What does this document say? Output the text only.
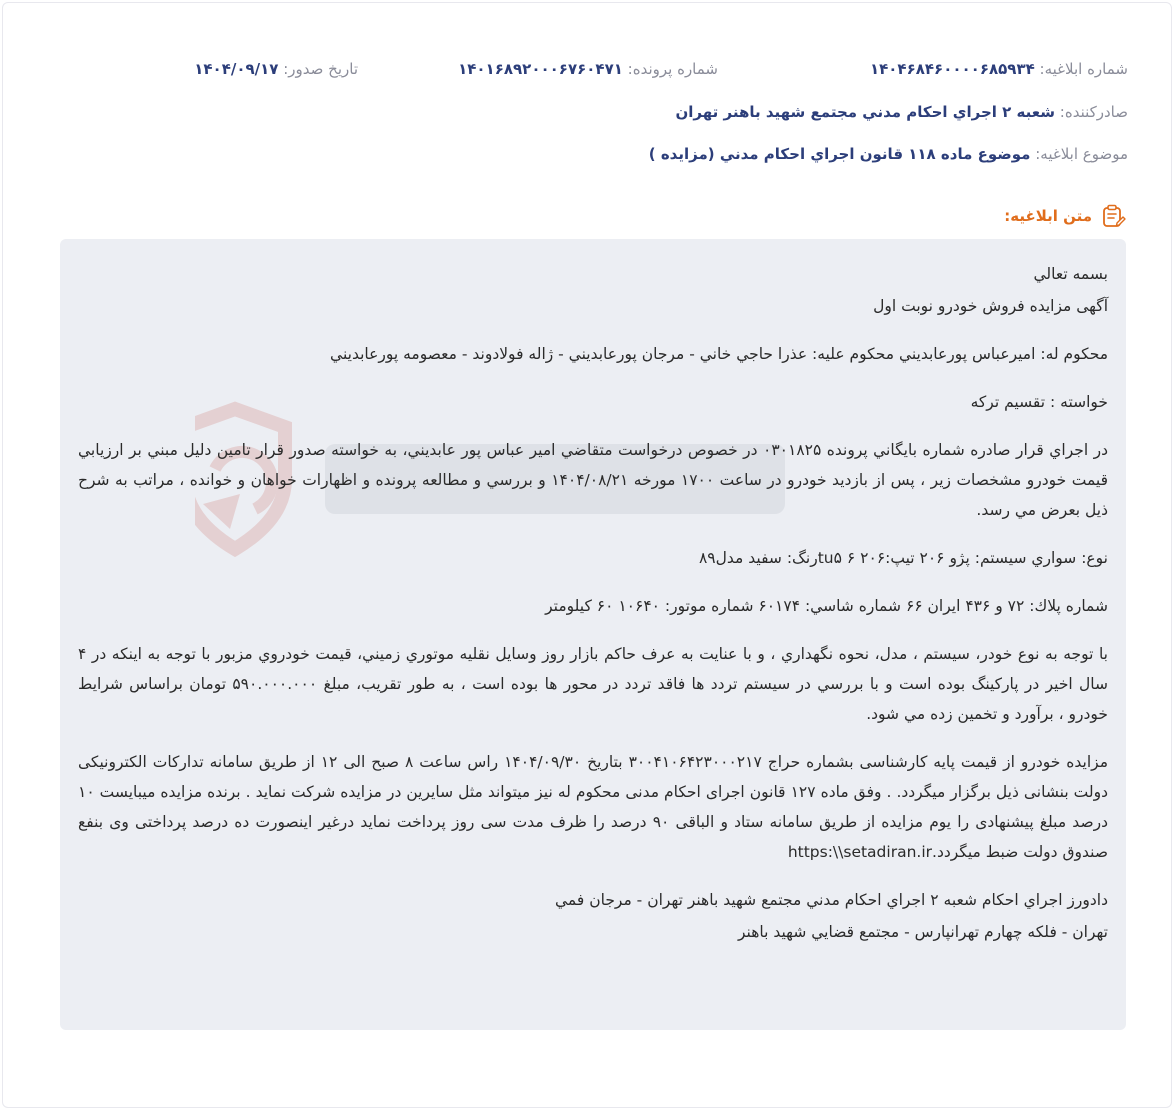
شماره ابلاغیه: ۱۴۰۴۶۸۴۶۰۰۰۰۶۸۵۹۳۴
شماره پرونده: ۱۴۰۱۶۸۹۲۰۰۰۶۷۶۰۴۷۱
تاریخ صدور: ۱۴۰۴/۰۹/۱۷
صادرکننده: شعبه ۲ اجراي احکام مدني مجتمع شهيد باهنر تهران
موضوع ابلاغیه: موضوع ماده ۱۱۸ قانون اجراي احکام مدني (مزايده )
متن ابلاغیه:

بسمه تعالي

آگهی مزایده فروش خودرو نوبت اول

محکوم له: اميرعباس پورعابديني محکوم عليه: عذرا حاجي خاني - مرجان پورعابديني - ژاله فولادوند - معصومه پورعابديني

خواسته : تقسيم ترکه

در اجراي قرار صادره شماره بايگاني پرونده ۰۳۰۱۸۲۵ در خصوص درخواست متقاضي امير عباس پور عابديني، به خواسته صدور قرار تامين دليل مبني بر ارزيابي قيمت خودرو مشخصات زير ، پس از بازديد خودرو در ساعت ۱۷۰۰ مورخه ۱۴۰۴/۰۸/۲۱ و بررسي و مطالعه پرونده و اظهارات خواهان و خوانده ، مراتب به شرح ذيل بعرض مي رسد.

نوع: سواري سيستم: پژو ۲۰۶ تيپ:۲۰۶ ۶ tu۵رنگ: سفيد مدل۸۹

شماره پلاك: ۷۲ و ۴۳۶ ايران ۶۶ شماره شاسي: ۶۰۱۷۴ شماره موتور: ۱۰۶۴۰ ۶۰ کيلومتر

با توجه به نوع خودر، سيستم ، مدل، نحوه نگهداري ، و با عنايت به عرف حاکم بازار روز وسايل نقليه موتوري زميني، قيمت خودروي مزبور با توجه به اينکه در ۴ سال اخير در پارکينگ بوده است و با بررسي در سيستم تردد ها فاقد تردد در محور ها بوده است ، به طور تقريب، مبلغ ۵۹۰.۰۰۰.۰۰۰ تومان براساس شرايط خودرو ، برآورد و تخمين زده مي شود.

مزایده خودرو از قیمت پایه کارشناسی بشماره حراج ۳۰۰۴۱۰۶۴۲۳۰۰۰۲۱۷ بتاریخ ۱۴۰۴/۰۹/۳۰ راس ساعت ۸ صبح الی ۱۲ از طریق سامانه تدارکات الکترونیکی دولت بنشانی ذیل برگزار میگردد. . وفق ماده ۱۲۷ قانون اجرای احکام مدنی محکوم له نیز میتواند مثل سایرین در مزایده شرکت نماید . برنده مزایده میبایست ۱۰ درصد مبلغ پیشنهادی را یوم مزایده از طریق سامانه ستاد و الباقی ۹۰ درصد را ظرف مدت سی روز پرداخت نماید درغیر اینصورت ده درصد پرداختی وی بنفع صندوق دولت ضبط میگردد.https:\\setadiran.ir

دادورز اجراي احکام شعبه ۲ اجراي احکام مدني مجتمع شهيد باهنر تهران - مرجان فمي

تهران - فلکه چهارم تهرانپارس - مجتمع قضايي شهيد باهنر
